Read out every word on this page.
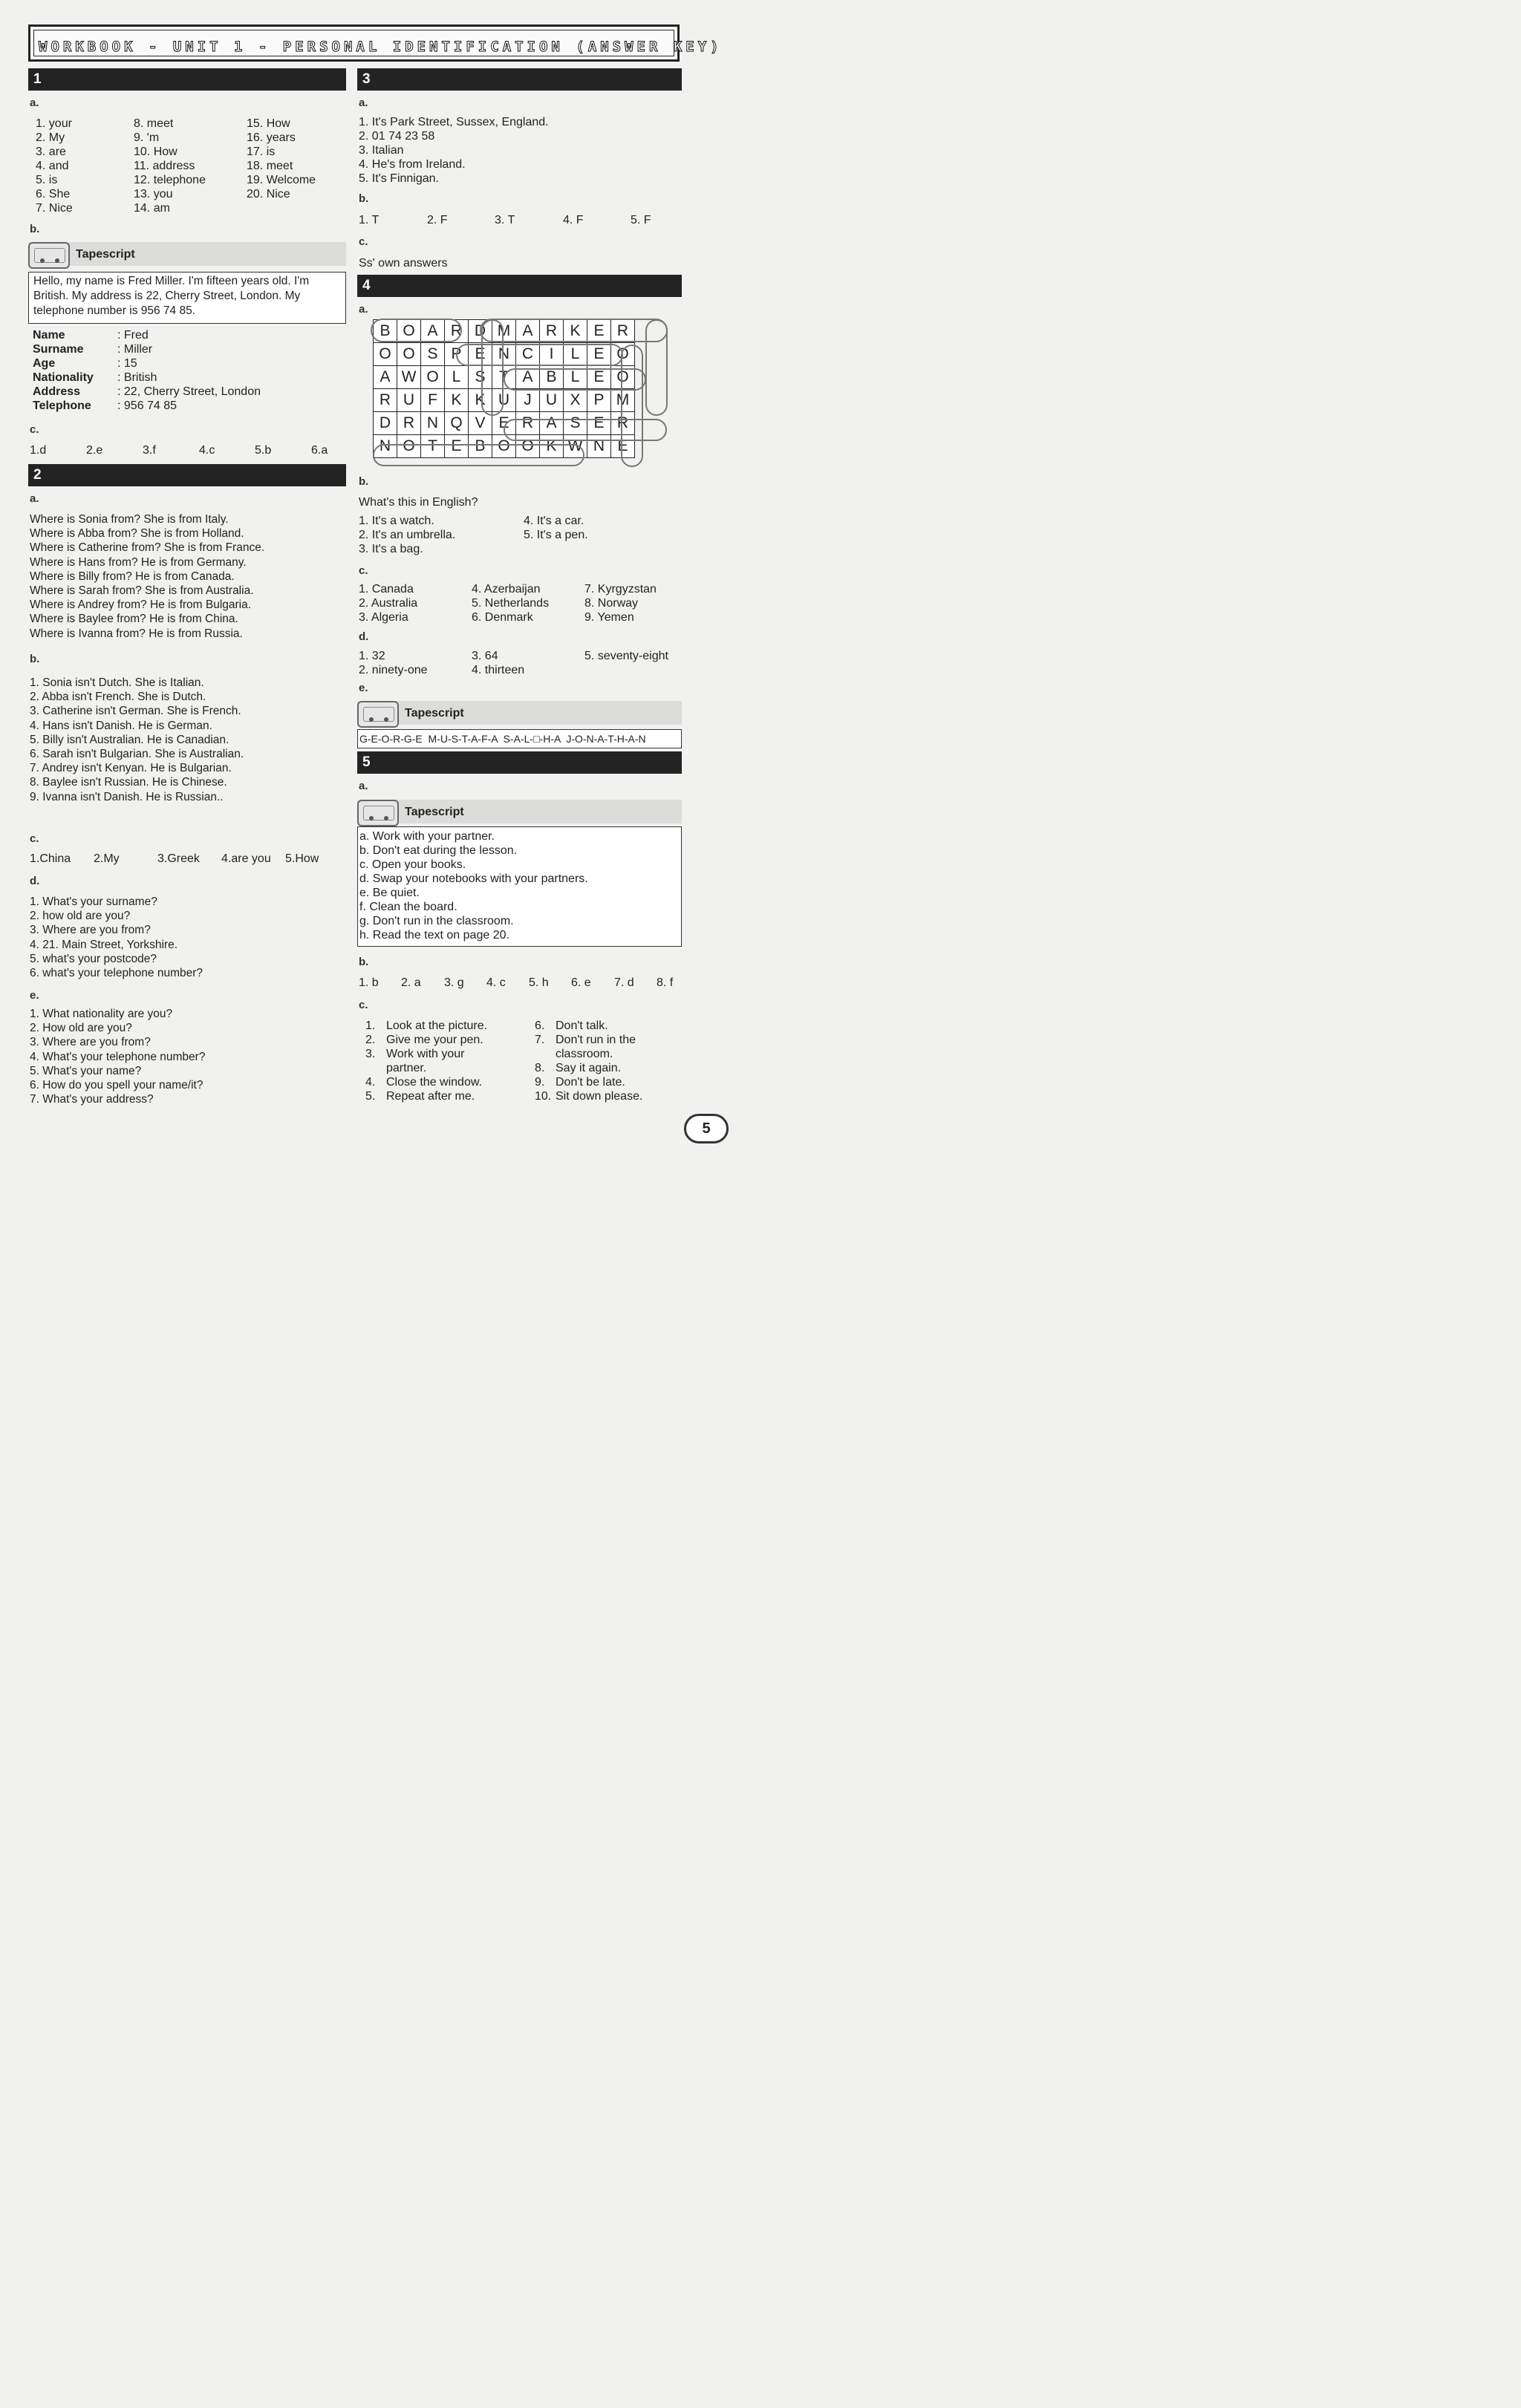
WORKBOOK - UNIT 1 - PERSONAL IDENTIFICATION (ANSWER KEY)
1
a.
1. your
2. My
3. are
4. and
5. is
6. She
7. Nice
8. meet
9. 'm
10. How
11. address
12. telephone
13. you
14. am
15. How
16. years
17. is
18. meet
19. Welcome
20. Nice
b.
Tapescript
Hello, my name is Fred Miller. I'm fifteen years old. I'm British. My address is 22, Cherry Street, London. My telephone number is 956 74 85.
Name	: Fred
Surname	: Miller
Age	: 15
Nationality	: British
Address	: 22, Cherry Street, London
Telephone	: 956 74 85
c.
1.d	2.e	3.f	4.c	5.b	6.a
2
a.
Where is Sonia from? She is from Italy.
Where is Abba from? She is from Holland.
Where is Catherine from? She is from France.
Where is Hans from? He is from Germany.
Where is Billy from? He is from Canada.
Where is Sarah from? She is from Australia.
Where is Andrey from? He is from Bulgaria.
Where is Baylee from? He is from China.
Where is Ivanna from? He is from Russia.
b.
1. Sonia isn't Dutch. She is Italian.
2. Abba isn't French. She is Dutch.
3. Catherine isn't German. She is French.
4. Hans isn't Danish. He is German.
5. Billy isn't Australian. He is Canadian.
6. Sarah isn't Bulgarian. She is Australian.
7. Andrey isn't Kenyan. He is Bulgarian.
8. Baylee isn't Russian. He is Chinese.
9. Ivanna isn't Danish. He is Russian..
c.
1.China 2.My	3.Greek 4.are you 5.How
d.
1. What's your surname?
2. how old are you?
3. Where are you from?
4. 21. Main Street, Yorkshire.
5. what's your postcode?
6. what's your telephone number?
e.
1. What nationality are you?
2. How old are you?
3. Where are you from?
4. What's your telephone number?
5. What's your name?
6. How do you spell your name/it?
7. What's your address?
3
a.
1. It's Park Street, Sussex, England.
2. 01 74 23 58
3. Italian
4. He's from Ireland.
5. It's Finnigan.
b.
1. T	2. F	3. T	4. F	5. F
c.
Ss' own answers
4
a.
B	O	A	R	D	M	A	R	K	E	R
O	O	S	P	E	N	C	I	L	E	O
A	W	O	L	S	T	A	B	L	E	O
R	U	F	K	K	U	J	U	X	P	M
D	R	N	Q	V	E	R	A	S	E	R
N	O	T	E	B	O	O	K	W	N	E
b.
What's this in English?
1. It's a watch.
2. It's an umbrella.
3. It's a bag.
4. It's a car.
5. It's a pen.
c.
1. Canada
2. Australia
3. Algeria
4. Azerbaijan
5. Netherlands
6. Denmark
7. Kyrgyzstan
8. Norway
9. Yemen
d.
1. 32
2. ninety-one
3. 64
4. thirteen
5. seventy-eight
e.
Tapescript
G-E-O-R-G-E  M-U-S-T-A-F-A  S-A-L-□-H-A  J-O-N-A-T-H-A-N
5
a.
Tapescript
a. Work with your partner.
b. Don't eat during the lesson.
c. Open your books.
d. Swap your notebooks with your partners.
e. Be quiet.
f. Clean the board.
g. Don't run in the classroom.
h. Read the text on page 20.
b.
1. b 2. a 3. g 4. c 5. h 6. e 7. d 8. f
c.
1.	Look at the picture.
2.	Give me your pen.
3.	Work with your
	partner.
4.	Close the window.
5.	Repeat after me.
6.	Don't talk.
7.	Don't run in the
	classroom.
8.	Say it again.
9.	Don't be late.
10.	Sit down please.
5
